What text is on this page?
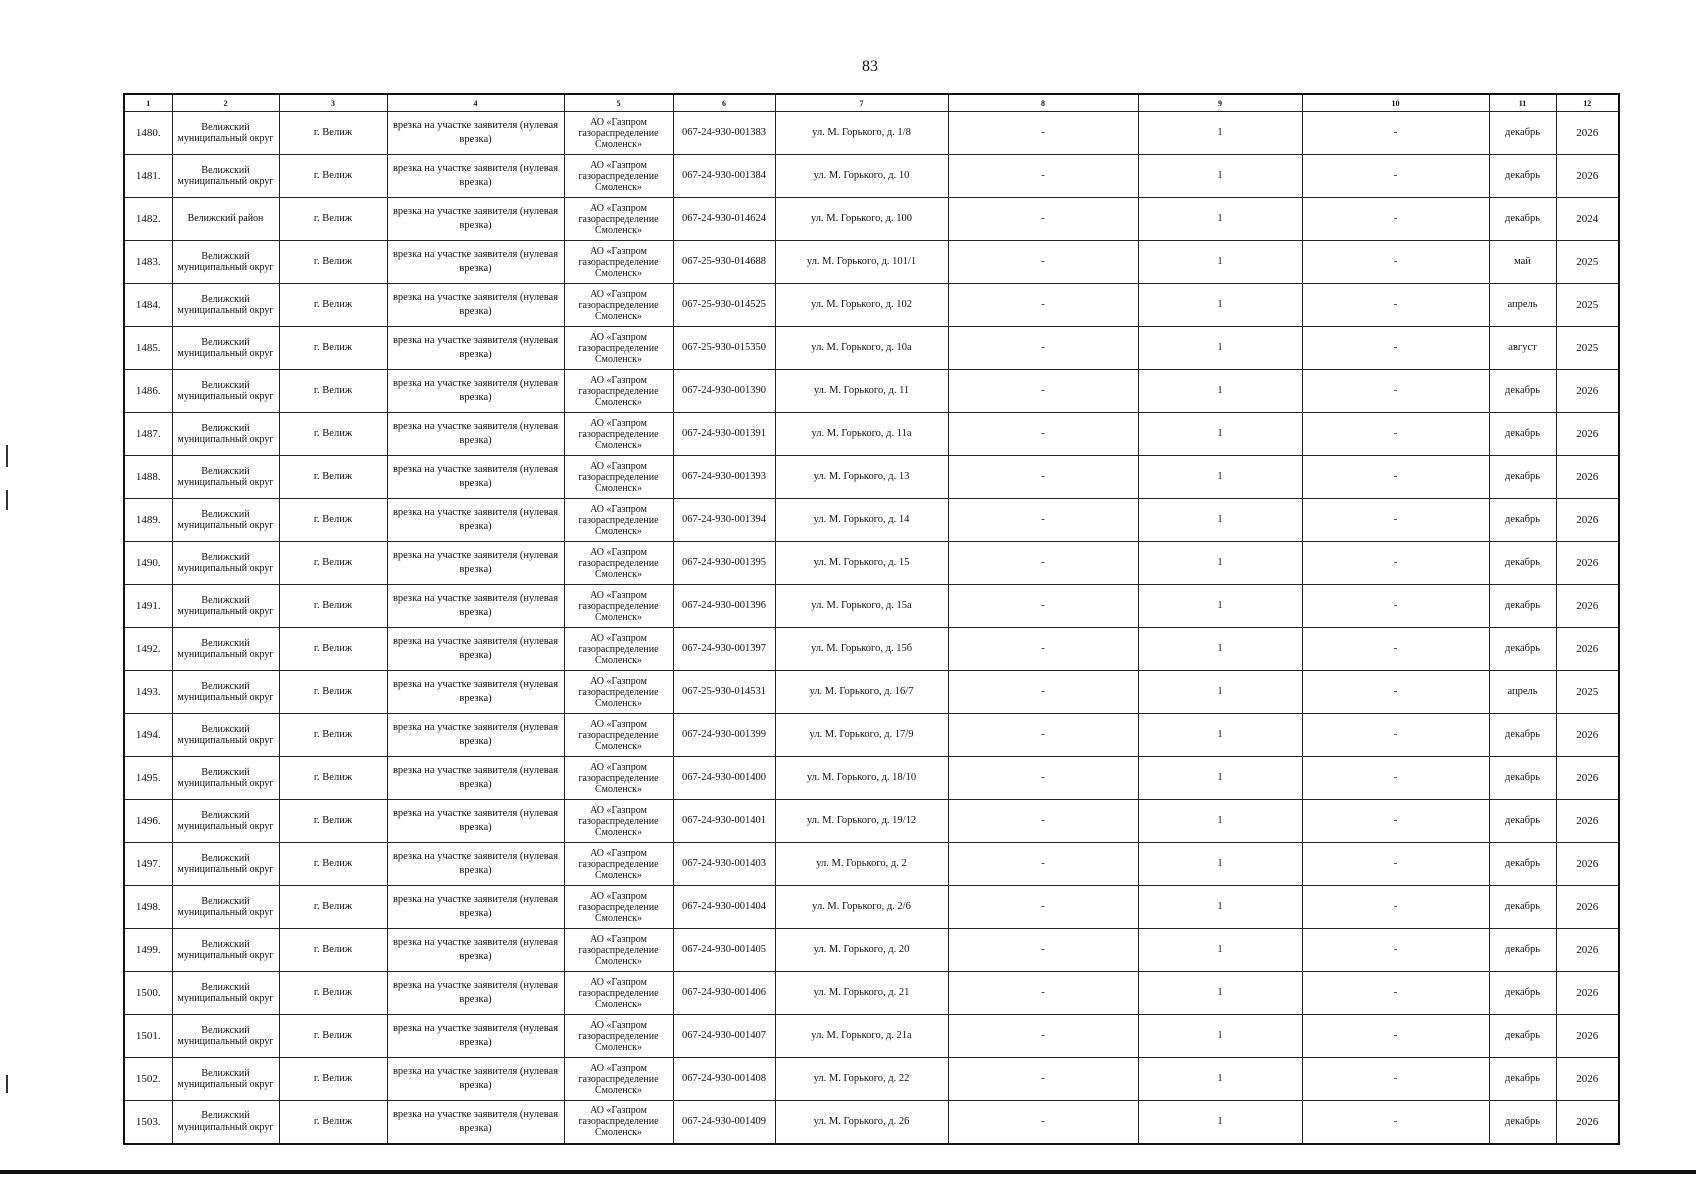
83
1	2	3	4	5	6	7	8	9	10	11	12
1480.	Велижский муниципальный округ	г. Велиж	врезка на участке заявителя (нулевая врезка)	АО «Газпром газораспределение Смоленск»	067-24-930-001383	ул. М. Горького, д. 1/8	-	1	-	декабрь	2026
1481.	Велижский муниципальный округ	г. Велиж	врезка на участке заявителя (нулевая врезка)	АО «Газпром газораспределение Смоленск»	067-24-930-001384	ул. М. Горького, д. 10	-	1	-	декабрь	2026
1482.	Велижский район	г. Велиж	врезка на участке заявителя (нулевая врезка)	АО «Газпром газораспределение Смоленск»	067-24-930-014624	ул. М. Горького, д. 100	-	1	-	декабрь	2024
1483.	Велижский муниципальный округ	г. Велиж	врезка на участке заявителя (нулевая врезка)	АО «Газпром газораспределение Смоленск»	067-25-930-014688	ул. М. Горького, д. 101/1	-	1	-	май	2025
1484.	Велижский муниципальный округ	г. Велиж	врезка на участке заявителя (нулевая врезка)	АО «Газпром газораспределение Смоленск»	067-25-930-014525	ул. М. Горького, д. 102	-	1	-	апрель	2025
1485.	Велижский муниципальный округ	г. Велиж	врезка на участке заявителя (нулевая врезка)	АО «Газпром газораспределение Смоленск»	067-25-930-015350	ул. М. Горького, д. 10а	-	1	-	август	2025
1486.	Велижский муниципальный округ	г. Велиж	врезка на участке заявителя (нулевая врезка)	АО «Газпром газораспределение Смоленск»	067-24-930-001390	ул. М. Горького, д. 11	-	1	-	декабрь	2026
1487.	Велижский муниципальный округ	г. Велиж	врезка на участке заявителя (нулевая врезка)	АО «Газпром газораспределение Смоленск»	067-24-930-001391	ул. М. Горького, д. 11а	-	1	-	декабрь	2026
1488.	Велижский муниципальный округ	г. Велиж	врезка на участке заявителя (нулевая врезка)	АО «Газпром газораспределение Смоленск»	067-24-930-001393	ул. М. Горького, д. 13	-	1	-	декабрь	2026
1489.	Велижский муниципальный округ	г. Велиж	врезка на участке заявителя (нулевая врезка)	АО «Газпром газораспределение Смоленск»	067-24-930-001394	ул. М. Горького, д. 14	-	1	-	декабрь	2026
1490.	Велижский муниципальный округ	г. Велиж	врезка на участке заявителя (нулевая врезка)	АО «Газпром газораспределение Смоленск»	067-24-930-001395	ул. М. Горького, д. 15	-	1	-	декабрь	2026
1491.	Велижский муниципальный округ	г. Велиж	врезка на участке заявителя (нулевая врезка)	АО «Газпром газораспределение Смоленск»	067-24-930-001396	ул. М. Горького, д. 15а	-	1	-	декабрь	2026
1492.	Велижский муниципальный округ	г. Велиж	врезка на участке заявителя (нулевая врезка)	АО «Газпром газораспределение Смоленск»	067-24-930-001397	ул. М. Горького, д. 15б	-	1	-	декабрь	2026
1493.	Велижский муниципальный округ	г. Велиж	врезка на участке заявителя (нулевая врезка)	АО «Газпром газораспределение Смоленск»	067-25-930-014531	ул. М. Горького, д. 16/7	-	1	-	апрель	2025
1494.	Велижский муниципальный округ	г. Велиж	врезка на участке заявителя (нулевая врезка)	АО «Газпром газораспределение Смоленск»	067-24-930-001399	ул. М. Горького, д. 17/9	-	1	-	декабрь	2026
1495.	Велижский муниципальный округ	г. Велиж	врезка на участке заявителя (нулевая врезка)	АО «Газпром газораспределение Смоленск»	067-24-930-001400	ул. М. Горького, д. 18/10	-	1	-	декабрь	2026
1496.	Велижский муниципальный округ	г. Велиж	врезка на участке заявителя (нулевая врезка)	АО «Газпром газораспределение Смоленск»	067-24-930-001401	ул. М. Горького, д. 19/12	-	1	-	декабрь	2026
1497.	Велижский муниципальный округ	г. Велиж	врезка на участке заявителя (нулевая врезка)	АО «Газпром газораспределение Смоленск»	067-24-930-001403	ул. М. Горького, д. 2	-	1	-	декабрь	2026
1498.	Велижский муниципальный округ	г. Велиж	врезка на участке заявителя (нулевая врезка)	АО «Газпром газораспределение Смоленск»	067-24-930-001404	ул. М. Горького, д. 2/6	-	1	-	декабрь	2026
1499.	Велижский муниципальный округ	г. Велиж	врезка на участке заявителя (нулевая врезка)	АО «Газпром газораспределение Смоленск»	067-24-930-001405	ул. М. Горького, д. 20	-	1	-	декабрь	2026
1500.	Велижский муниципальный округ	г. Велиж	врезка на участке заявителя (нулевая врезка)	АО «Газпром газораспределение Смоленск»	067-24-930-001406	ул. М. Горького, д. 21	-	1	-	декабрь	2026
1501.	Велижский муниципальный округ	г. Велиж	врезка на участке заявителя (нулевая врезка)	АО «Газпром газораспределение Смоленск»	067-24-930-001407	ул. М. Горького, д. 21а	-	1	-	декабрь	2026
1502.	Велижский муниципальный округ	г. Велиж	врезка на участке заявителя (нулевая врезка)	АО «Газпром газораспределение Смоленск»	067-24-930-001408	ул. М. Горького, д. 22	-	1	-	декабрь	2026
1503.	Велижский муниципальный округ	г. Велиж	врезка на участке заявителя (нулевая врезка)	АО «Газпром газораспределение Смоленск»	067-24-930-001409	ул. М. Горького, д. 26	-	1	-	декабрь	2026
